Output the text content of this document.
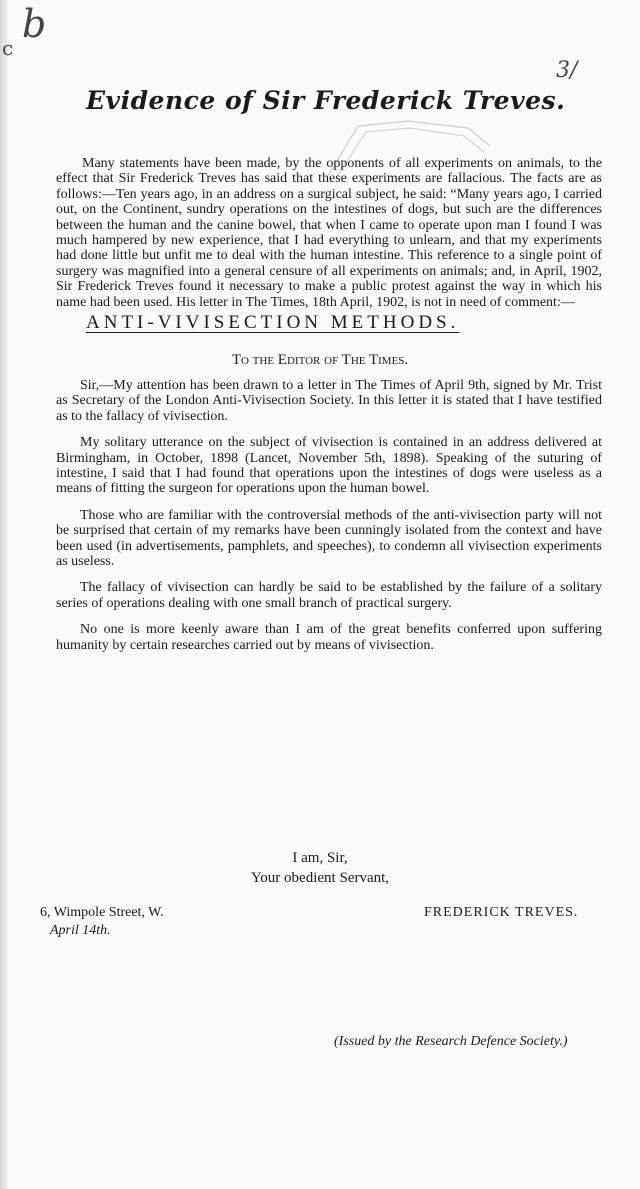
b
c
3/
Evidence of Sir Frederick Treves.

Many statements have been made, by the opponents of all experiments on animals, to the effect that Sir Frederick Treves has said that these experiments are fallacious. The facts are as follows:—Ten years ago, in an address on a surgical subject, he said: “Many years ago, I carried out, on the Continent, sundry operations on the intestines of dogs, but such are the differences between the human and the canine bowel, that when I came to operate upon man I found I was much hampered by new experience, that I had everything to unlearn, and that my experiments had done little but unfit me to deal with the human intestine. This reference to a single point of surgery was magnified into a general censure of all experiments on animals; and, in April, 1902, Sir Frederick Treves found it necessary to make a public protest against the way in which his name had been used. His letter in The Times, 18th April, 1902, is not in need of comment:—

ANTI-VIVISECTION METHODS.
To the Editor of The Times.

Sir,—My attention has been drawn to a letter in The Times of April 9th, signed by Mr. Trist as Secretary of the London Anti-Vivisection Society. In this letter it is stated that I have testified as to the fallacy of vivisection.

My solitary utterance on the subject of vivisection is contained in an address delivered at Birmingham, in October, 1898 (Lancet, November 5th, 1898). Speaking of the suturing of intestine, I said that I had found that operations upon the intestines of dogs were useless as a means of fitting the surgeon for operations upon the human bowel.

Those who are familiar with the controversial methods of the anti-vivisection party will not be surprised that certain of my remarks have been cunningly isolated from the context and have been used (in advertisements, pamphlets, and speeches), to condemn all vivisection experiments as useless.

The fallacy of vivisection can hardly be said to be established by the failure of a solitary series of operations dealing with one small branch of practical surgery.

No one is more keenly aware than I am of the great benefits conferred upon suffering humanity by certain researches carried out by means of vivisection.

I am, Sir,
Your obedient Servant,
6, Wimpole Street, W.
April 14th.
FREDERICK TREVES.
(Issued by the Research Defence Society.)
